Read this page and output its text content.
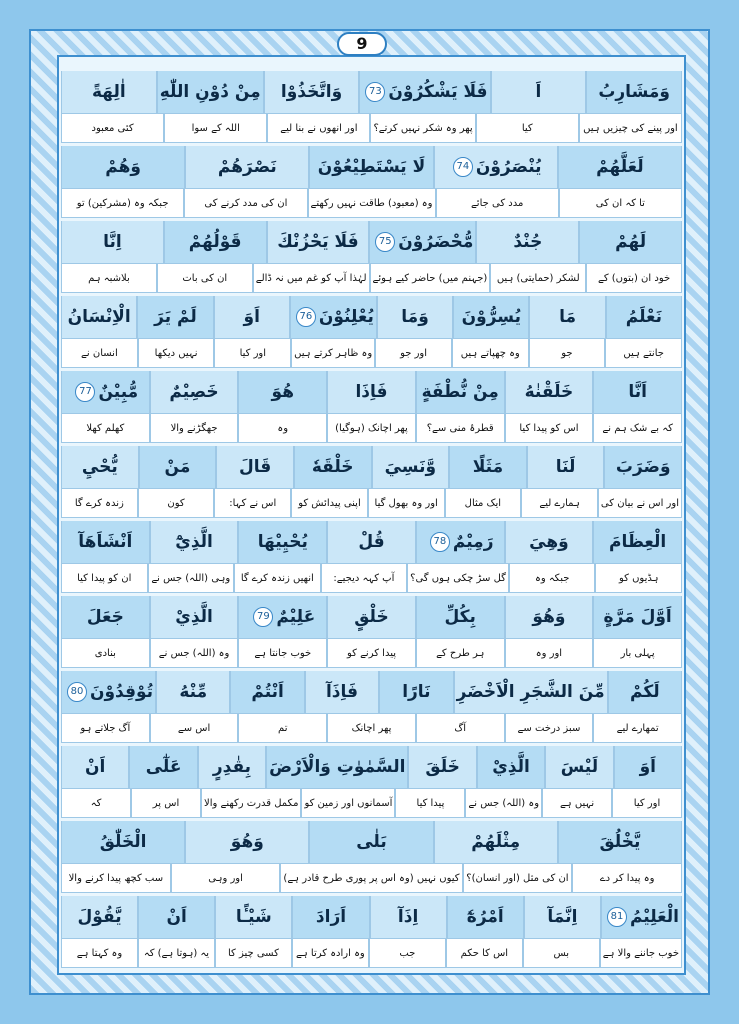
وَمَشَارِبُ
اَ
فَلَا يَشْكُرُوْنَ
73
وَاتَّخَذُوْا
مِنْ دُوْنِ اللّٰهِ
اٰلِهَةً
اور پینے کی چیزیں ہیں
کیا
پھر وہ شکر نہیں کرتے؟
اور انھوں نے بنا لیے
اللہ کے سوا
کئی معبود
لَعَلَّهُمْ
يُنْصَرُوْنَ
74
لَا يَسْتَطِيْعُوْنَ
نَصْرَهُمْ
وَهُمْ
تا کہ ان کی
مدد کی جائے
وہ (معبود) طاقت نہیں رکھتے
ان کی مدد کرنے کی
جبکہ وہ (مشرکین) تو
لَهُمْ
جُنْدٌ
مُّحْضَرُوْنَ
75
فَلَا يَحْزُنْكَ
قَوْلُهُمْ
اِنَّا
خود ان (بتوں) کے
لشکر (حمایتی) ہیں
(جہنم میں) حاضر کیے ہوئے
لہٰذا آپ کو غم میں نہ ڈالے
ان کی بات
بلاشبہ ہم
نَعْلَمُ
مَا
يُسِرُّوْنَ
وَمَا
يُعْلِنُوْنَ
76
اَوَ
لَمْ يَرَ
الْاِنْسَانُ
جانتے ہیں
جو
وہ چھپاتے ہیں
اور جو
وہ ظاہر کرتے ہیں
اور کیا
نہیں دیکھا
انسان نے
اَنَّا
خَلَقْنٰهُ
مِنْ نُّطْفَةٍ
فَاِذَا
هُوَ
خَصِيْمٌ
مُّبِيْنٌ
77
کہ بے شک ہم نے
اس کو پیدا کیا
قطرۂ منی سے؟
پھر اچانک (ہوگیا)
وہ
جھگڑنے والا
کھلم کھلا
وَضَرَبَ
لَنَا
مَثَلًا
وَّنَسِيَ
خَلْقَهٗ
قَالَ
مَنْ
يُّحْيِ
اور اس نے بیان کی
ہمارے لیے
ایک مثال
اور وہ بھول گیا
اپنی پیدائش کو
اس نے کہا:
کون
زندہ کرے گا
الْعِظَامَ
وَهِيَ
رَمِيْمٌ
78
قُلْ
يُحْيِيْهَا
الَّذِيْٓ
اَنْشَاَهَآ
ہڈیوں کو
جبکہ وہ
گل سڑ چکی ہوں گی؟
آپ کہہ دیجیے:
انھیں زندہ کرے گا
وہی (اللہ) جس نے
ان کو پیدا کیا
اَوَّلَ مَرَّةٍ
وَهُوَ
بِكُلِّ
خَلْقٍ
عَلِيْمٌ
79
الَّذِيْ
جَعَلَ
پہلی بار
اور وہ
ہر طرح کے
پیدا کرنے کو
خوب جانتا ہے
وہ (اللہ) جس نے
بنادی
لَكُمْ
مِّنَ الشَّجَرِ الْاَخْضَرِ
نَارًا
فَاِذَآ
اَنْتُمْ
مِّنْهُ
تُوْقِدُوْنَ
80
تمھارے لیے
سبز درخت سے
آگ
پھر اچانک
تم
اس سے
آگ جلاتے ہو
اَوَ
لَيْسَ
الَّذِيْ
خَلَقَ
السَّمٰوٰتِ وَالْاَرْضَ
بِقٰدِرٍ
عَلٰٓى
اَنْ
اور کیا
نہیں ہے
وہ (اللہ) جس نے
پیدا کیا
آسمانوں اور زمین کو
مکمل قدرت رکھنے والا
اس پر
کہ
يَّخْلُقَ
مِثْلَهُمْ
بَلٰى
وَهُوَ
الْخَلّٰقُ
وہ پیدا کر دے
ان کی مثل (اور انسان)؟
کیوں نہیں (وہ اس پر پوری طرح قادر ہے)
اور وہی
سب کچھ پیدا کرنے والا
الْعَلِيْمُ
81
اِنَّمَآ
اَمْرُهٗٓ
اِذَآ
اَرَادَ
شَيْـًٔا
اَنْ
يَّقُوْلَ
خوب جاننے والا ہے
بس
اس کا حکم
جب
وہ ارادہ کرتا ہے
کسی چیز کا
یہ (ہوتا ہے) کہ
وہ کہتا ہے
9
